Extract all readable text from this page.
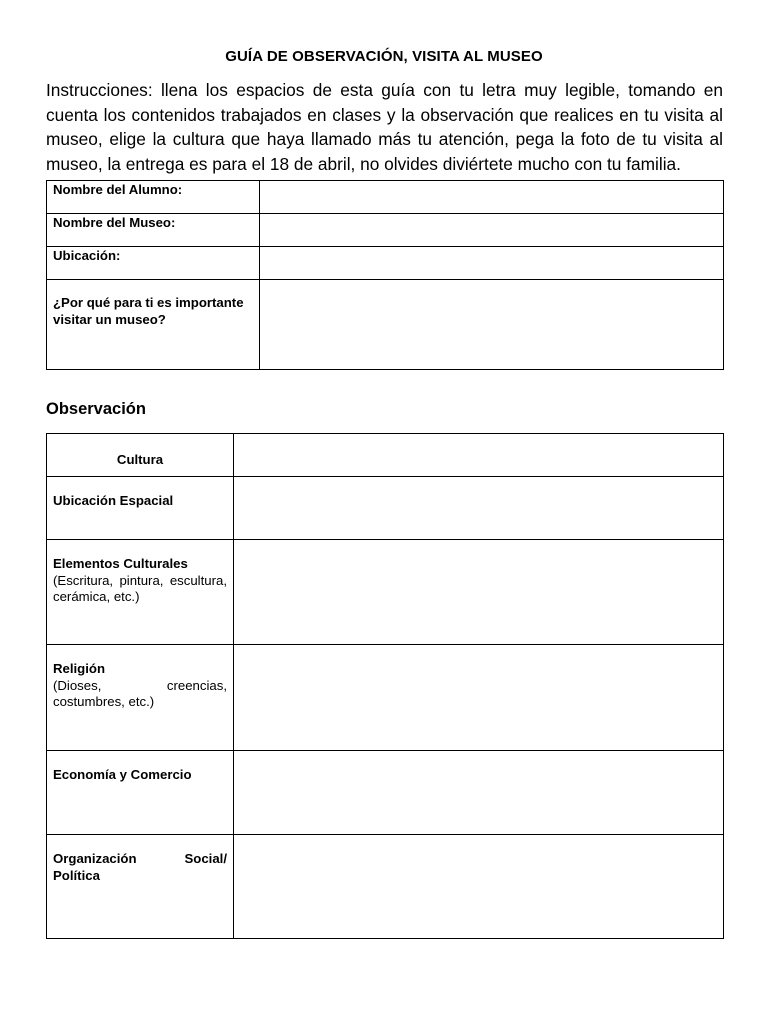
GUÍA DE OBSERVACIÓN, VISITA AL MUSEO
Instrucciones: llena los espacios de esta guía con tu letra muy legible, tomando en cuenta los contenidos trabajados en clases y la observación que realices en tu visita al museo, elige la cultura que haya llamado más tu atención, pega la foto de tu visita al museo, la entrega es para el 18 de abril, no olvides diviértete mucho con tu familia.
Nombre del Alumno:	
Nombre del Museo:	
Ubicación:	
¿Por qué para ti es importante visitar un museo?	
Observación
Cultura	

Ubicación Espacial	

Elementos Culturales
(Escritura, pintura, escultura, cerámica, etc.)	

Religión
(Dioses, creencias, costumbres, etc.)	

Economía y Comercio	

Organización Social/ Política	
